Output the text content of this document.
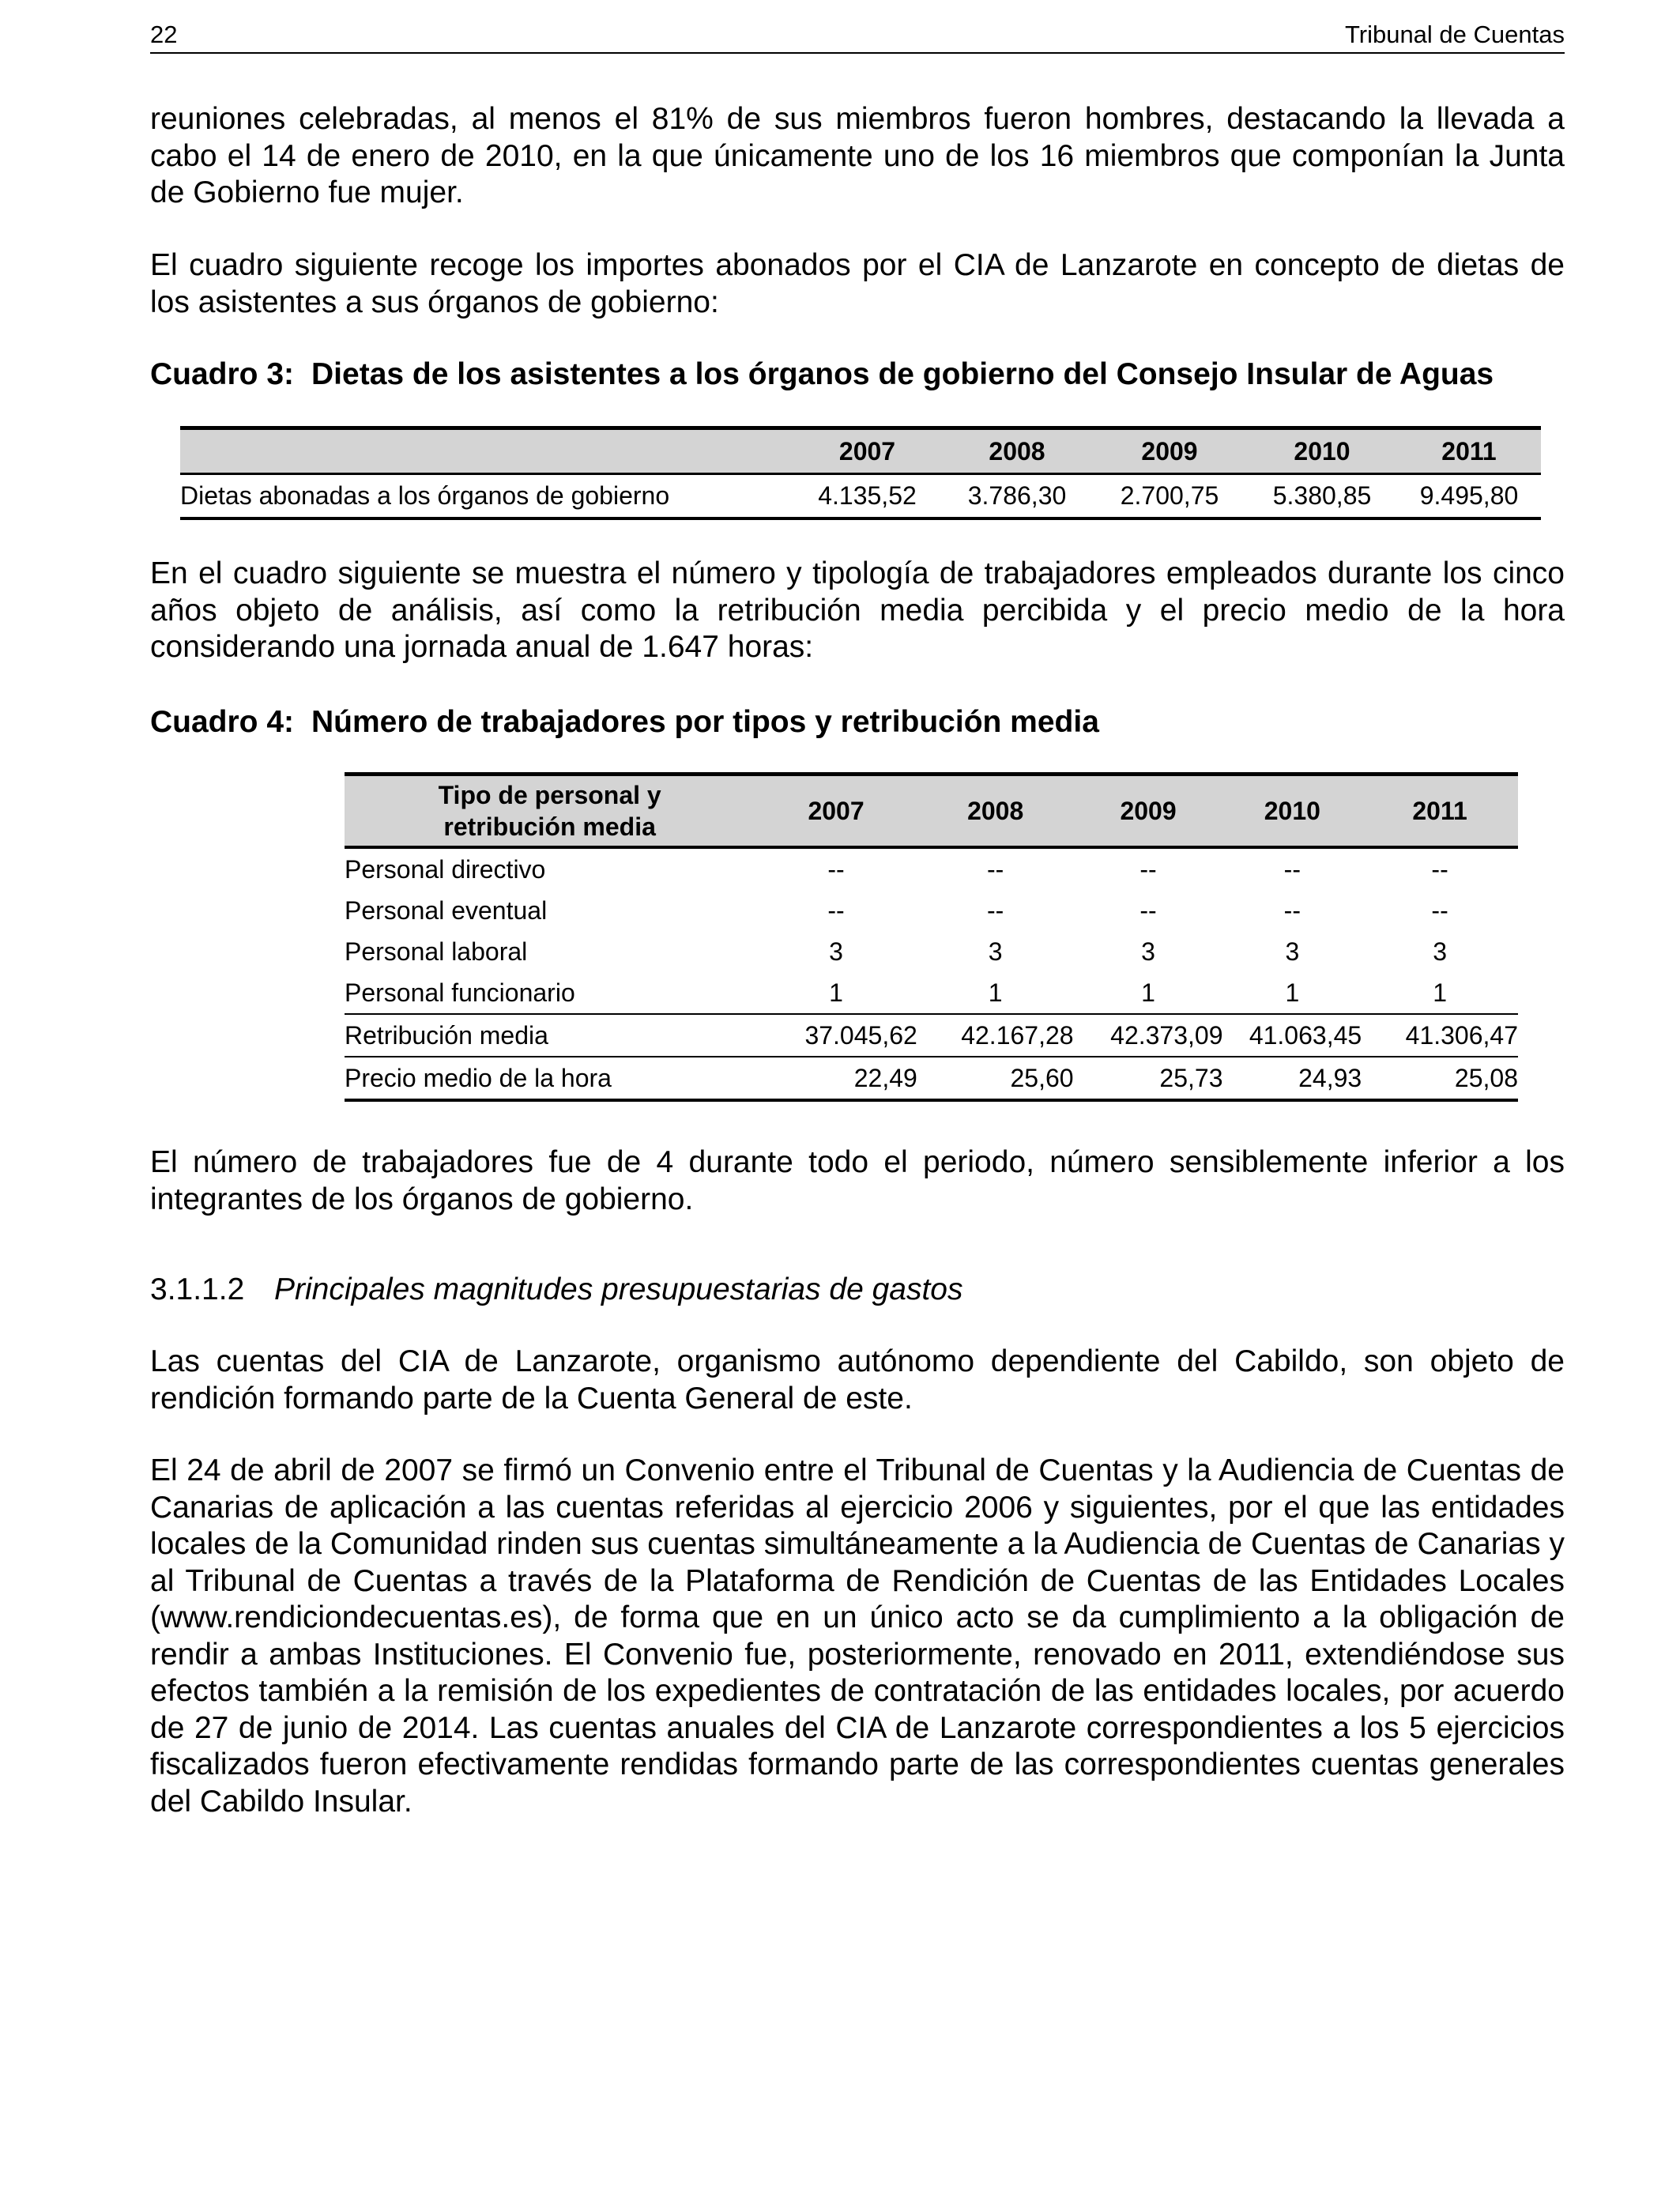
22	Tribunal de Cuentas

reuniones celebradas, al menos el 81% de sus miembros fueron hombres, destacando la llevada a cabo el 14 de enero de 2010, en la que únicamente uno de los 16 miembros que componían la Junta de Gobierno fue mujer.

El cuadro siguiente recoge los importes abonados por el CIA de Lanzarote en concepto de dietas de los asistentes a sus órganos de gobierno:

Cuadro 3: Dietas de los asistentes a los órganos de gobierno del Consejo Insular de Aguas
	2007	2008	2009	2010	2011
Dietas abonadas a los órganos de gobierno	4.135,52	3.786,30	2.700,75	5.380,85	9.495,80

En el cuadro siguiente se muestra el número y tipología de trabajadores empleados durante los cinco años objeto de análisis, así como la retribución media percibida y el precio medio de la hora considerando una jornada anual de 1.647 horas:

Cuadro 4: Número de trabajadores por tipos y retribución media
Tipo de personal y
retribución media	2007	2008	2009	2010	2011
Personal directivo	--	--	--	--	--
Personal eventual	--	--	--	--	--
Personal laboral	3	3	3	3	3
Personal funcionario	1	1	1	1	1
Retribución media	37.045,62	42.167,28	42.373,09	41.063,45	41.306,47
Precio medio de la hora	22,49	25,60	25,73	24,93	25,08

El número de trabajadores fue de 4 durante todo el periodo, número sensiblemente inferior a los integrantes de los órganos de gobierno.

3.1.1.2 Principales magnitudes presupuestarias de gastos

Las cuentas del CIA de Lanzarote, organismo autónomo dependiente del Cabildo, son objeto de rendición formando parte de la Cuenta General de este.

El 24 de abril de 2007 se firmó un Convenio entre el Tribunal de Cuentas y la Audiencia de Cuentas de Canarias de aplicación a las cuentas referidas al ejercicio 2006 y siguientes, por el que las entidades locales de la Comunidad rinden sus cuentas simultáneamente a la Audiencia de Cuentas de Canarias y al Tribunal de Cuentas a través de la Plataforma de Rendición de Cuentas de las Entidades Locales (www.rendiciondecuentas.es), de forma que en un único acto se da cumplimiento a la obligación de rendir a ambas Instituciones. El Convenio fue, posteriormente, renovado en 2011, extendiéndose sus efectos también a la remisión de los expedientes de contratación de las entidades locales, por acuerdo de 27 de junio de 2014. Las cuentas anuales del CIA de Lanzarote correspondientes a los 5 ejercicios fiscalizados fueron efectivamente rendidas formando parte de las correspondientes cuentas generales del Cabildo Insular.
